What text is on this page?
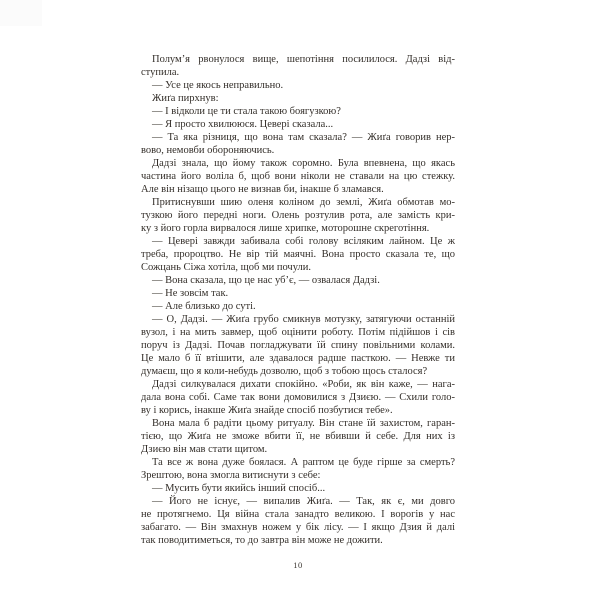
Полум’я рвонулося вище, шепотіння посилилося. Дадзі від-
ступила.
— Усе це якось неправильно.
Жиґа пирхнув:
— І відколи це ти стала такою боягузкою?
— Я просто хвилююся. Цевері сказала...
— Та яка різниця, що вона там сказала? — Жиґа говорив нер-
вово, немовби обороняючись.
Дадзі знала, що йому також соромно. Була впевнена, що якась
частина його воліла б, щоб вони ніколи не ставали на цю стежку.
Але він нізащо цього не визнав би, інакше б зламався.
Притиснувши шию оленя коліном до землі, Жиґа обмотав мо-
тузкою його передні ноги. Олень розтулив рота, але замість кри-
ку з його горла вирвалося лише хрипке, моторошне скреготіння.
— Цевері завжди забивала собі голову всіляким лайном. Це ж
треба, пророцтво. Не вір тій маячні. Вона просто сказала те, що
Сожцань Сіжа хотіла, щоб ми почули.
— Вона сказала, що це нас уб’є, — озвалася Дадзі.
— Не зовсім так.
— Але близько до суті.
— О, Дадзі. — Жиґа грубо смикнув мотузку, затягуючи останній
вузол, і на мить завмер, щоб оцінити роботу. Потім підійшов і сів
поруч із Дадзі. Почав погладжувати їй спину повільними колами.
Це мало б її втішити, але здавалося радше пасткою. — Невже ти
думаєш, що я коли-небудь дозволю, щоб з тобою щось сталося?
Дадзі силкувалася дихати спокійно. «Роби, як він каже, — нага-
дала вона собі. Саме так вони домовилися з Дзиєю. — Схили голо-
ву і корись, інакше Жиґа знайде спосіб позбутися тебе».
Вона мала б радіти цьому ритуалу. Він стане їй захистом, гаран-
тією, що Жиґа не зможе вбити її, не вбивши й себе. Для них із
Дзиєю він мав стати щитом.
Та все ж вона дуже боялася. А раптом це буде гірше за смерть?
Зрештою, вона змогла витиснути з себе:
— Мусить бути якийсь інший спосіб...
— Його не існує, — випалив Жиґа. — Так, як є, ми довго
не протягнемо. Ця війна стала занадто великою. І ворогів у нас
забагато. — Він змахнув ножем у бік лісу. — І якщо Дзия й далі
так поводитиметься, то до завтра він може не дожити.
10
